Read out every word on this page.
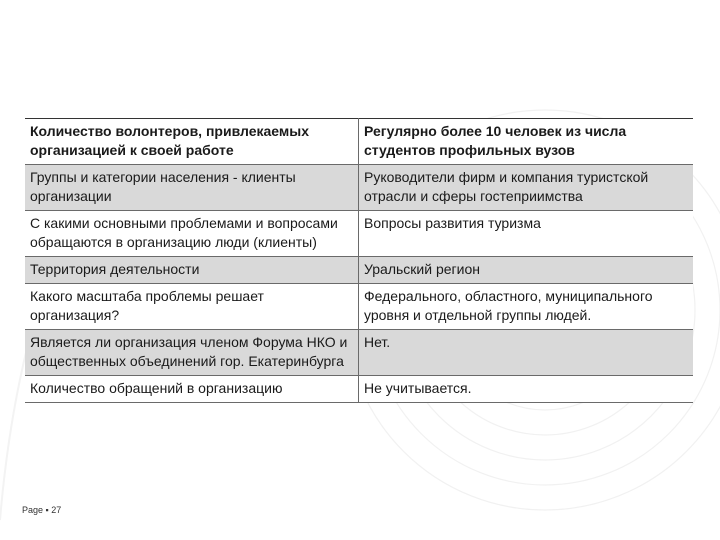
Количество волонтеров, привлекаемых организацией к своей работе	Регулярно более 10 человек из числа студентов профильных вузов
Группы и категории населения - клиенты организации	Руководители фирм и компания туристской отрасли и сферы гостеприимства
С какими основными проблемами и вопросами обращаются в организацию люди (клиенты)	Вопросы развития туризма
Территория деятельности	Уральский регион
Какого масштаба проблемы решает организация?	Федерального, областного, муниципального уровня и отдельной группы людей.
Является ли организация членом Форума НКО и общественных объединений гор. Екатеринбурга	Нет.
Количество обращений в организацию	Не учитывается.
Page ▪ 27
